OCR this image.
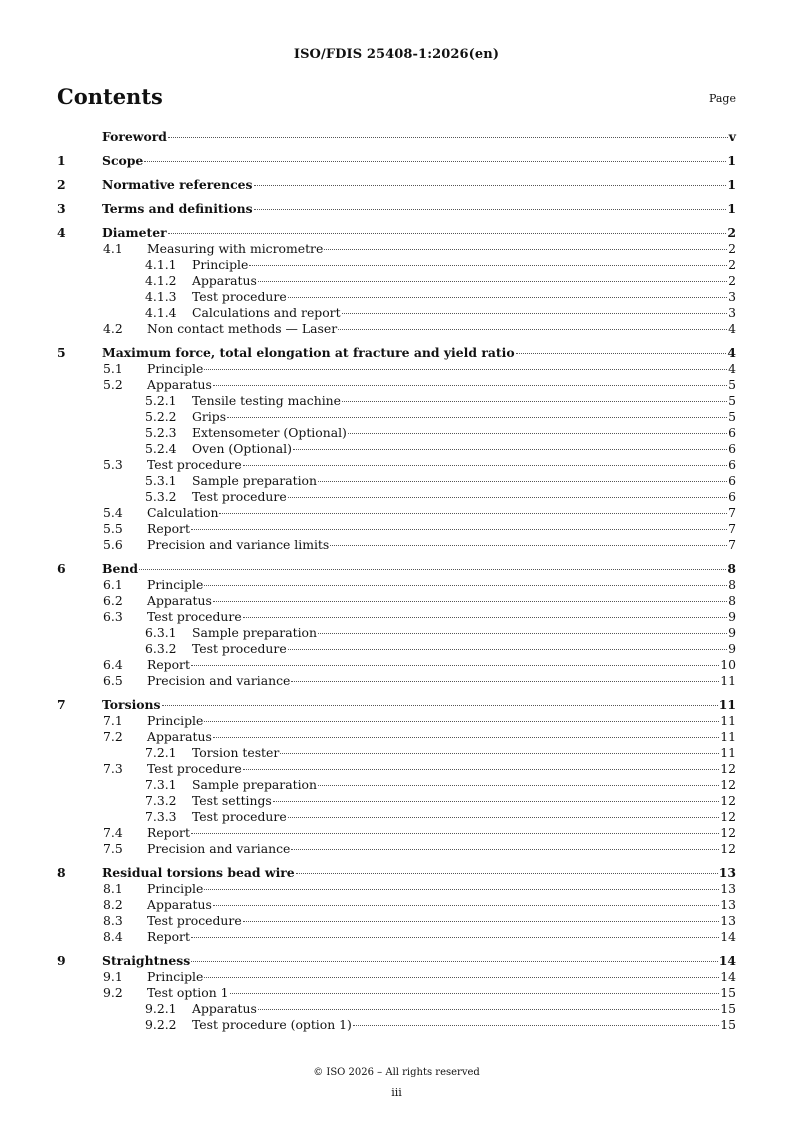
ISO/FDIS 25408-1:2026(en)
Contents	Page
Foreword	v
1	Scope	1
2	Normative references	1
3	Terms and definitions	1
4	Diameter	2
4.1	Measuring with micrometre	2
4.1.1	Principle	2
4.1.2	Apparatus	2
4.1.3	Test procedure	3
4.1.4	Calculations and report	3
4.2	Non contact methods — Laser	4
5	Maximum force, total elongation at fracture and yield ratio	4
5.1	Principle	4
5.2	Apparatus	5
5.2.1	Tensile testing machine	5
5.2.2	Grips	5
5.2.3	Extensometer (Optional)	6
5.2.4	Oven (Optional)	6
5.3	Test procedure	6
5.3.1	Sample preparation	6
5.3.2	Test procedure	6
5.4	Calculation	7
5.5	Report	7
5.6	Precision and variance limits	7
6	Bend	8
6.1	Principle	8
6.2	Apparatus	8
6.3	Test procedure	9
6.3.1	Sample preparation	9
6.3.2	Test procedure	9
6.4	Report	10
6.5	Precision and variance	11
7	Torsions	11
7.1	Principle	11
7.2	Apparatus	11
7.2.1	Torsion tester	11
7.3	Test procedure	12
7.3.1	Sample preparation	12
7.3.2	Test settings	12
7.3.3	Test procedure	12
7.4	Report	12
7.5	Precision and variance	12
8	Residual torsions bead wire	13
8.1	Principle	13
8.2	Apparatus	13
8.3	Test procedure	13
8.4	Report	14
9	Straightness	14
9.1	Principle	14
9.2	Test option 1	15
9.2.1	Apparatus	15
9.2.2	Test procedure (option 1)	15
© ISO 2026 – All rights reserved
iii
